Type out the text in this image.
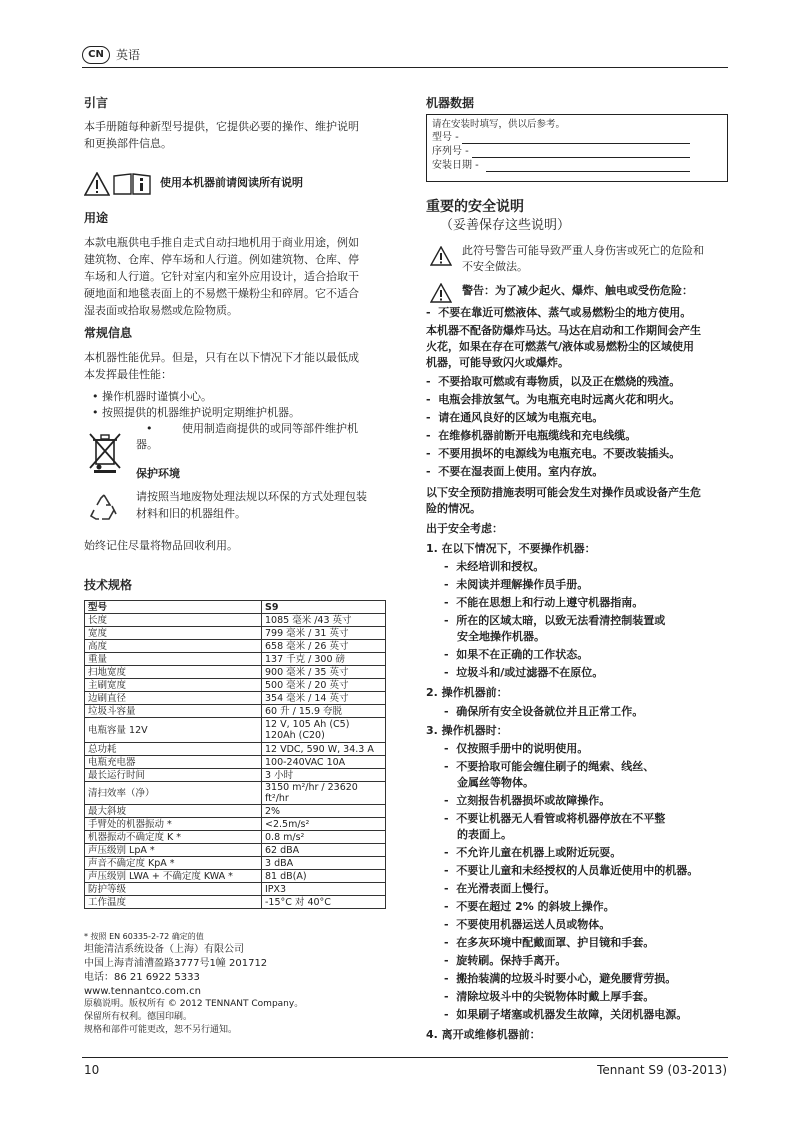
CN	英语
引言
本手册随每种新型号提供，它提供必要的操作、维护说明
和更换部件信息。
使用本机器前请阅读所有说明
用途
本款电瓶供电手推自走式自动扫地机用于商业用途，例如
建筑物、仓库、停车场和人行道。例如建筑物、仓库、停
车场和人行道。它针对室内和室外应用设计，适合拾取干
硬地面和地毯表面上的不易燃干燥粉尘和碎屑。它不适合
湿表面或拾取易燃或危险物质。
常规信息
本机器性能优异。但是，只有在以下情况下才能以最低成
本发挥最佳性能：
• 操作机器时谨慎小心。
• 按照提供的机器维护说明定期维护机器。
•	使用制造商提供的或同等部件维护机
器。
保护环境
请按照当地废物处理法规以环保的方式处理包装
材料和旧的机器组件。
始终记住尽量将物品回收利用。
技术规格
型号	S9
长度	1085 毫米 /43 英寸
宽度	799 毫米 / 31 英寸
高度	658 毫米 / 26 英寸
重量	137 千克 / 300 磅
扫地宽度	900 毫米 / 35 英寸
主刷宽度	500 毫米 / 20 英寸
边刷直径	354 毫米 / 14 英寸
垃圾斗容量	60 升 / 15.9 夸脱
电瓶容量 12V	12 V, 105 Ah (C5)
120Ah (C20)

总功耗	12 VDC, 590 W, 34.3 A
电瓶充电器	100-240VAC 10A
最长运行时间	3 小时
清扫效率（净）	3150 m²/hr / 23620 ft²/hr
最大斜坡	2%
手臂处的机器振动 *	<2.5m/s²
机器振动不确定度 K *	0.8 m/s²
声压级别 LpA *	62 dBA
声音不确定度 KpA *	3 dBA
声压级别 LWA + 不确定度 KWA *	81 dB(A)
防护等级	IPX3
工作温度	-15°C 对 40°C
* 按照 EN 60335-2-72 确定的值
坦能清洁系统设备（上海）有限公司
中国上海青浦漕盈路3777号1幢 201712
电话：86 21 6922 5333
www.tennantco.com.cn
原稿说明。版权所有 © 2012 TENNANT Company。
保留所有权利。德国印刷。
规格和部件可能更改，恕不另行通知。
机器数据
请在安装时填写，供以后参考。
型号 -
序列号 -
安装日期 -
重要的安全说明
（妥善保存这些说明）
此符号警告可能导致严重人身伤害或死亡的危险和
不安全做法。
警告：为了减少起火、爆炸、触电或受伤危险：
-  不要在靠近可燃液体、蒸气或易燃粉尘的地方使用。
本机器不配备防爆炸马达。马达在启动和工作期间会产生
火花，如果在存在可燃蒸气/液体或易燃粉尘的区域使用
机器，可能导致闪火或爆炸。
-  不要拾取可燃或有毒物质，以及正在燃烧的残渣。
-  电瓶会排放氢气。为电瓶充电时远离火花和明火。
-  请在通风良好的区域为电瓶充电。
-  在维修机器前断开电瓶缆线和充电线缆。
-  不要用损坏的电源线为电瓶充电。不要改装插头。
-  不要在湿表面上使用。室内存放。
以下安全预防措施表明可能会发生对操作员或设备产生危
险的情况。
出于安全考虑：
1. 在以下情况下，不要操作机器：
-  未经培训和授权。
-  未阅读并理解操作员手册。
-  不能在思想上和行动上遵守机器指南。
-  所在的区域太暗，以致无法看清控制装置或
安全地操作机器。
-  如果不在正确的工作状态。
-  垃圾斗和/或过滤器不在原位。
2. 操作机器前：
-  确保所有安全设备就位并且正常工作。
3. 操作机器时：
-  仅按照手册中的说明使用。
-  不要拾取可能会缠住刷子的绳索、线丝、
金属丝等物体。
-  立刻报告机器损坏或故障操作。
-  不要让机器无人看管或将机器停放在不平整
的表面上。
-  不允许儿童在机器上或附近玩耍。
-  不要让儿童和未经授权的人员靠近使用中的机器。
-  在光滑表面上慢行。
-  不要在超过 2% 的斜坡上操作。
-  不要使用机器运送人员或物体。
-  在多灰环境中配戴面罩、护目镜和手套。
-  旋转刷。保持手离开。
-  搬抬装满的垃圾斗时要小心，避免腰背劳损。
-  清除垃圾斗中的尖锐物体时戴上厚手套。
-  如果刷子堵塞或机器发生故障，关闭机器电源。
4. 离开或维修机器前：
10	Tennant S9 (03-2013)
